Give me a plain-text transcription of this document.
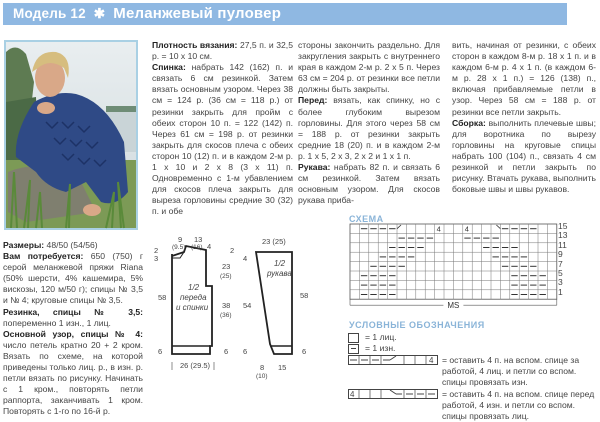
Модель 12 ✱ Меланжевый пуловер

Размеры: 48/50 (54/56)

Вам потребуется: 650 (750) г серой меланжевой пряжи Riana (50% шерсти, 4% кашемира, 5% вискозы, 120 м/50 г); спицы № 3,5 и № 4; круговые спицы № 3,5.

Резинка, спицы № 3,5: попеременно 1 изн., 1 лиц.

Основной узор, спицы № 4: число петель кратно 20 + 2 кром. Вязать по схеме, на которой приведены только лиц. р., в изн. р. петли вязать по рисунку. Начинать с 1 кром., повторять петли раппорта, заканчивать 1 кром. Повторять с 1-го по 16-й р.

Плотность вязания: 27,5 п. и 32,5 р. = 10 х 10 см.

Спинка: набрать 142 (162) п. и связать 6 см резинкой. Затем вязать основным узором. Через 38 см = 124 р. (36 см = 118 р.) от резинки закрыть для пройм с обеих сторон 10 п. = 122 (142) п. Через 61 см = 198 р. от резинки закрыть для скосов плеча с обеих сторон 10 (12) п. и в каждом 2-м р. 1 х 10 и 2 х 8 (3 х 11) п. Одновременно с 1-м убавлением для скосов плеча закрыть для выреза горловины средние 30 (32) п. и обе

стороны закончить раздельно. Для закругления закрыть с внутреннего края в каждом 2-м р. 2 х 5 п. Через 63 см = 204 р. от резинки все петли должны быть закрыты.

Перед: вязать, как спинку, но с более глубоким вырезом горловины. Для этого через 58 см = 188 р. от резинки закрыть средние 18 (20) п. и в каждом 2-м р. 1 х 5, 2 х 3, 2 х 2 и 1 х 1 п.

Рукава: набрать 82 п. и связать 6 см резинкой. Затем вязать основным узором. Для скосов рукава приба-

вить, начиная от резинки, с обеих сторон в каждом 8-м р. 18 х 1 п. и в каждом 6-м р. 4 х 1 п. (в каждом 6-м р. 28 х 1 п.) = 126 (138) п., включая прибавляемые петли в узор. Через 58 см = 188 р. от резинки все петли закрыть.

Сборка: выполнить плечевые швы; для воротника по вырезу горловины на круговые спицы набрать 100 (104) п., связать 4 см резинкой и петли закрыть по рисунку. Втачать рукава, выполнить боковые швы и швы рукавов.

9
(9.5)
13
(16) 4
2
3
58
6
2
23
(25)
38
(36)
6
1/2
переда
и спинки
26 (29.5)
23 (25)
4
54
6
58
6
1/2
рукава
8
(10)
15
СХЕМА
4	4
MS
15
13
11
9
7
5
3
1
УСЛОВНЫЕ ОБОЗНАЧЕНИЯ
= 1 лиц.
= 1 изн.
4 = оставить 4 п. на вспом. спице за работой, 4 лиц. и петли со вспом. спицы провязать изн.
4	= оставить 4 п. на вспом. спице перед работой, 4 изн. и петли со вспом. спицы провязать лиц.
